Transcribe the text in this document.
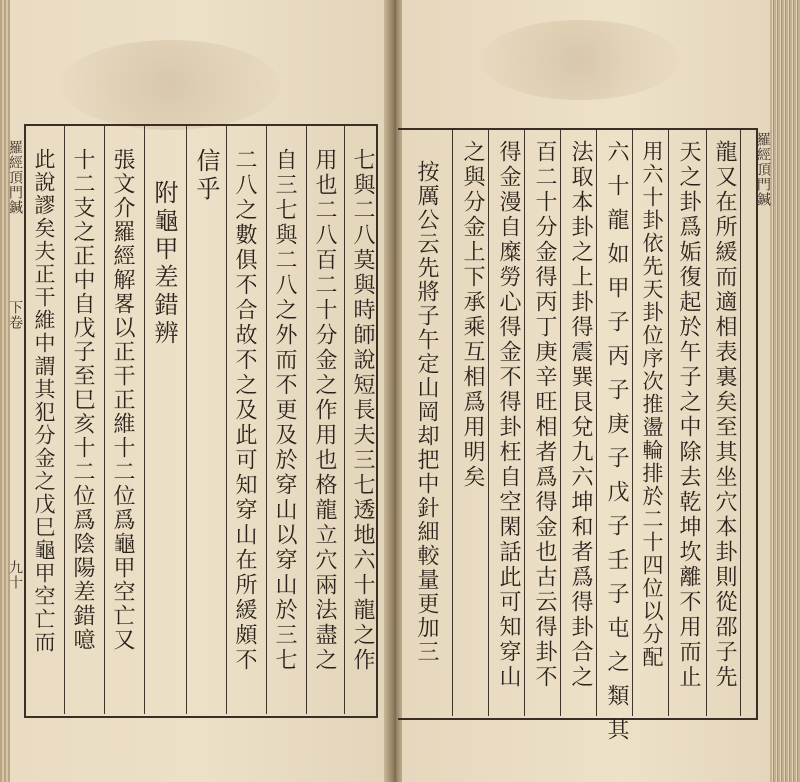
羅經頂門鍼
龍又在所緩而適相表裏矣至其坐穴本卦則從邵子先
天之卦爲姤復起於午子之中除去乾坤坎離不用而止
用六十卦依先天卦位序次推盪輪排於二十四位以分配
六十龍如甲子丙子庚子戊子壬子屯之類其
法取本卦之上卦得震巽艮兌九六坤和者爲得卦合之
百二十分金得丙丁庚辛旺相者爲得金也古云得卦不
得金漫自糜勞心得金不得卦枉自空閑話此可知穿山
之與分金上下承乘互相爲用明矣
按厲公云先將子午定山岡却把中針細較量更加三
羅經頂門鍼
下卷
九十	七與二八莫與時師說短長夫三七透地六十龍之作
用也二八百二十分金之作用也格龍立穴兩法盡之
自三七與二八之外而不更及於穿山以穿山於三七
二八之數俱不合故不之及此可知穿山在所緩頗不
信乎
附龜甲差錯辨
張文介羅經解畧以正干正維十二位爲龜甲空亡又
十二支之正中自戊子至巳亥十二位爲陰陽差錯噫
此說謬矣夫正干維中謂其犯分金之戊巳龜甲空亡而
